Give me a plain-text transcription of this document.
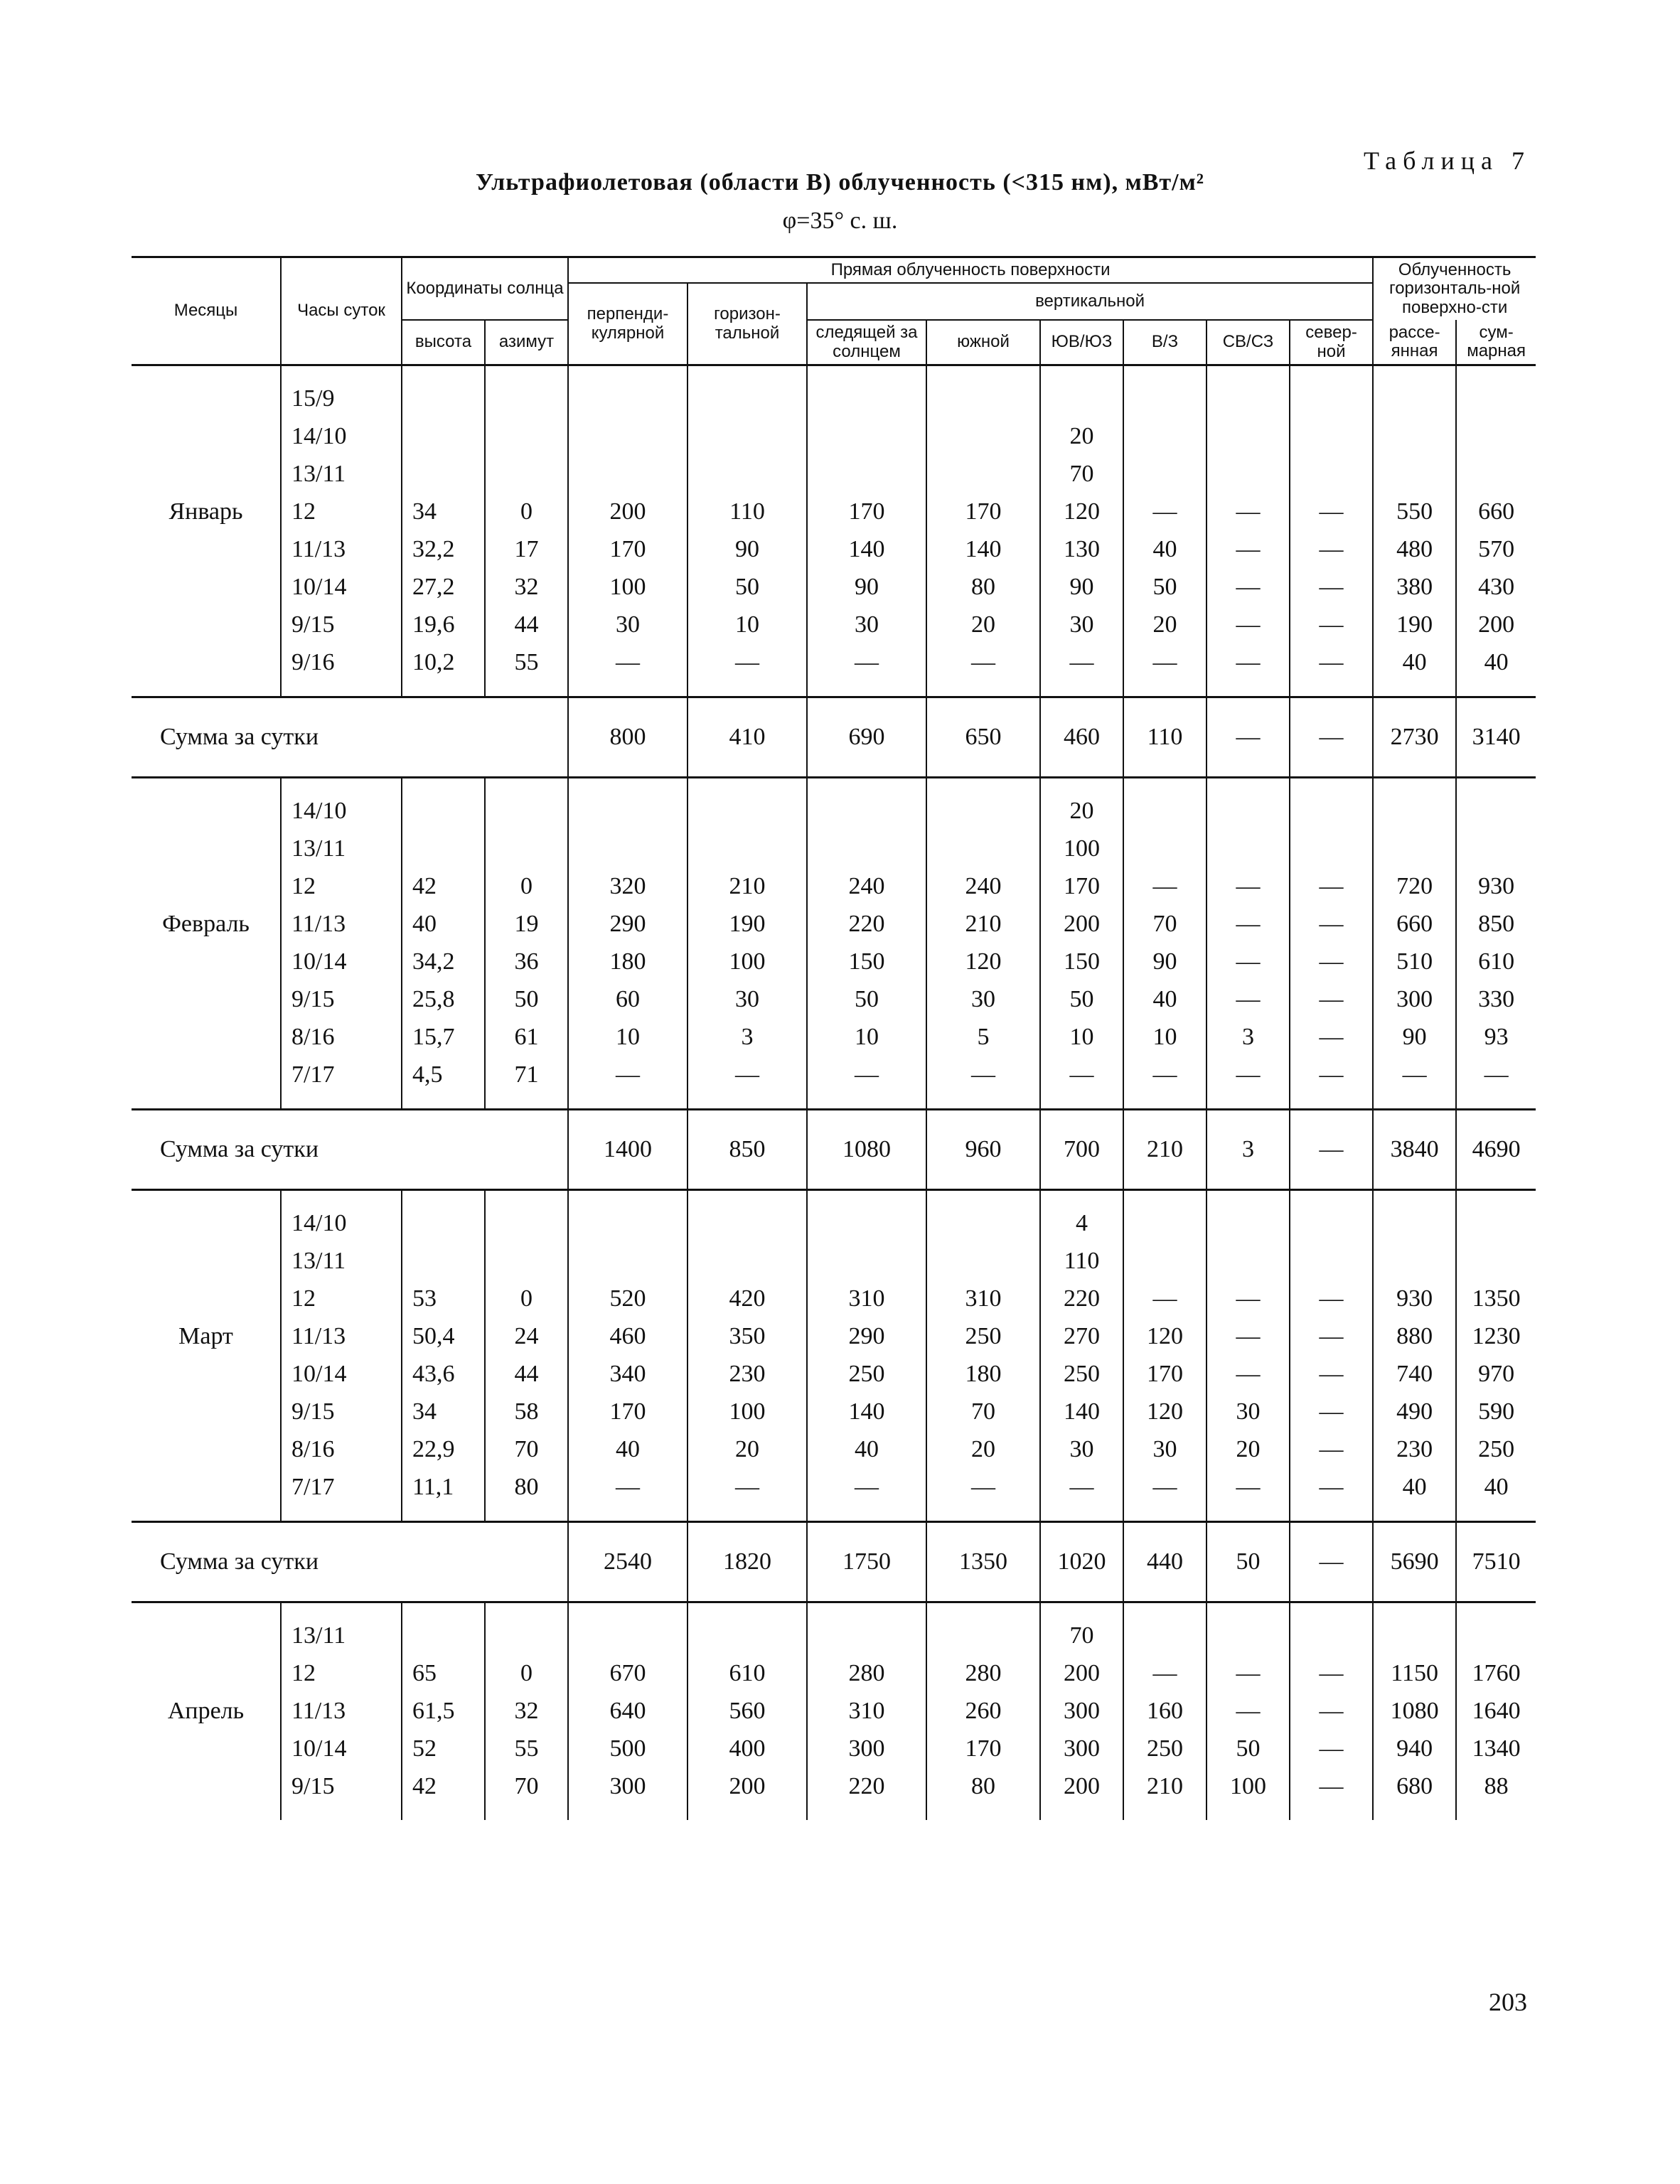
Таблица 7
Ультрафиолетовая (области В) облученность (<315 нм), мВт/м²
φ=35° с. ш.
Месяцы	Часы суток	Координаты солнца		Прямая облученность поверхности								Облученность горизонталь-ной поверхно-сти	
				перпенди-кулярной	горизон-тальной	вертикальной							
		высота	азимут			следящей за солнцем	южной	ЮВ/ЮЗ	В/З	СВ/СЗ	север-ной	рассе-янная	сум-марная

	15/9												
	14/10							20					
	13/11							70					
Январь	12	34	0	200	110	170	170	120	—	—	—	550	660
	11/13	32,2	17	170	90	140	140	130	40	—	—	480	570
	10/14	27,2	32	100	50	90	80	90	50	—	—	380	430
	9/15	19,6	44	30	10	30	20	30	20	—	—	190	200
	9/16	10,2	55	—	—	—	—	—	—	—	—	40	40

Сумма за сутки				800	410	690	650	460	110	—	—	2730	3140

	14/10							20					
	13/11							100					
	12	42	0	320	210	240	240	170	—	—	—	720	930
Февраль	11/13	40	19	290	190	220	210	200	70	—	—	660	850
	10/14	34,2	36	180	100	150	120	150	90	—	—	510	610
	9/15	25,8	50	60	30	50	30	50	40	—	—	300	330
	8/16	15,7	61	10	3	10	5	10	10	3	—	90	93
	7/17	4,5	71	—	—	—	—	—	—	—	—	—	—

Сумма за сутки				1400	850	1080	960	700	210	3	—	3840	4690

	14/10							4					
	13/11							110					
	12	53	0	520	420	310	310	220	—	—	—	930	1350
Март	11/13	50,4	24	460	350	290	250	270	120	—	—	880	1230
	10/14	43,6	44	340	230	250	180	250	170	—	—	740	970
	9/15	34	58	170	100	140	70	140	120	30	—	490	590
	8/16	22,9	70	40	20	40	20	30	30	20	—	230	250
	7/17	11,1	80	—	—	—	—	—	—	—	—	40	40

Сумма за сутки				2540	1820	1750	1350	1020	440	50	—	5690	7510

	13/11							70					
	12	65	0	670	610	280	280	200	—	—	—	1150	1760
Апрель	11/13	61,5	32	640	560	310	260	300	160	—	—	1080	1640
	10/14	52	55	500	400	300	170	300	250	50	—	940	1340
	9/15	42	70	300	200	220	80	200	210	100	—	680	88

203
